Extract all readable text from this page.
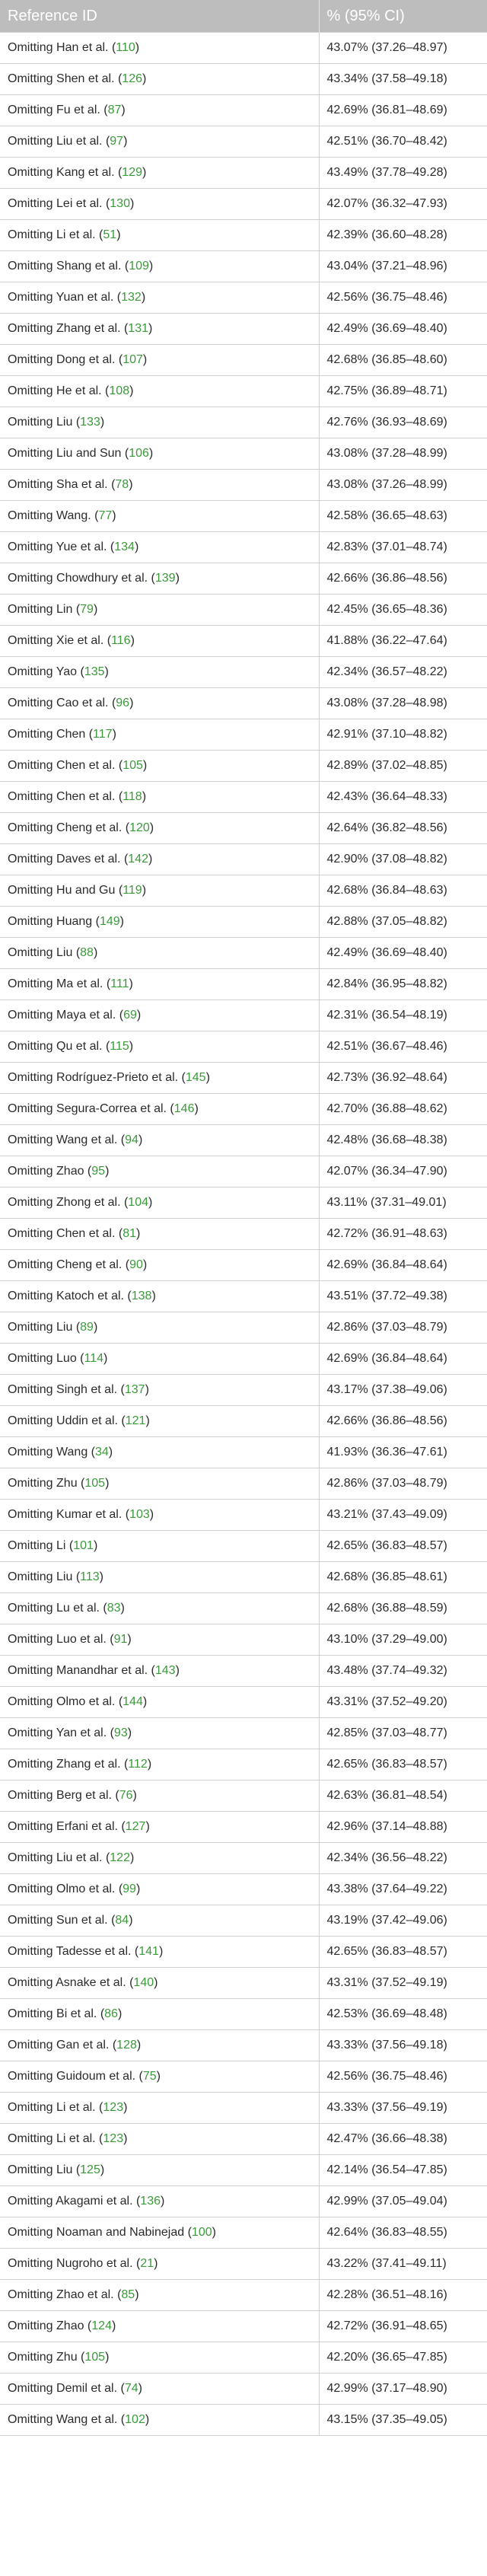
Reference ID	% (95% CI)
Omitting Han et al. (110)	43.07% (37.26–48.97)
Omitting Shen et al. (126)	43.34% (37.58–49.18)
Omitting Fu et al. (87)	42.69% (36.81–48.69)
Omitting Liu et al. (97)	42.51% (36.70–48.42)
Omitting Kang et al. (129)	43.49% (37.78–49.28)
Omitting Lei et al. (130)	42.07% (36.32–47.93)
Omitting Li et al. (51)	42.39% (36.60–48.28)
Omitting Shang et al. (109)	43.04% (37.21–48.96)
Omitting Yuan et al. (132)	42.56% (36.75–48.46)
Omitting Zhang et al. (131)	42.49% (36.69–48.40)
Omitting Dong et al. (107)	42.68% (36.85–48.60)
Omitting He et al. (108)	42.75% (36.89–48.71)
Omitting Liu (133)	42.76% (36.93–48.69)
Omitting Liu and Sun (106)	43.08% (37.28–48.99)
Omitting Sha et al. (78)	43.08% (37.26–48.99)
Omitting Wang. (77)	42.58% (36.65–48.63)
Omitting Yue et al. (134)	42.83% (37.01–48.74)
Omitting Chowdhury et al. (139)	42.66% (36.86–48.56)
Omitting Lin (79)	42.45% (36.65–48.36)
Omitting Xie et al. (116)	41.88% (36.22–47.64)
Omitting Yao (135)	42.34% (36.57–48.22)
Omitting Cao et al. (96)	43.08% (37.28–48.98)
Omitting Chen (117)	42.91% (37.10–48.82)
Omitting Chen et al. (105)	42.89% (37.02–48.85)
Omitting Chen et al. (118)	42.43% (36.64–48.33)
Omitting Cheng et al. (120)	42.64% (36.82–48.56)
Omitting Daves et al. (142)	42.90% (37.08–48.82)
Omitting Hu and Gu (119)	42.68% (36.84–48.63)
Omitting Huang (149)	42.88% (37.05–48.82)
Omitting Liu (88)	42.49% (36.69–48.40)
Omitting Ma et al. (111)	42.84% (36.95–48.82)
Omitting Maya et al. (69)	42.31% (36.54–48.19)
Omitting Qu et al. (115)	42.51% (36.67–48.46)
Omitting Rodríguez-Prieto et al. (145)	42.73% (36.92–48.64)
Omitting Segura-Correa et al. (146)	42.70% (36.88–48.62)
Omitting Wang et al. (94)	42.48% (36.68–48.38)
Omitting Zhao (95)	42.07% (36.34–47.90)
Omitting Zhong et al. (104)	43.11% (37.31–49.01)
Omitting Chen et al. (81)	42.72% (36.91–48.63)
Omitting Cheng et al. (90)	42.69% (36.84–48.64)
Omitting Katoch et al. (138)	43.51% (37.72–49.38)
Omitting Liu (89)	42.86% (37.03–48.79)
Omitting Luo (114)	42.69% (36.84–48.64)
Omitting Singh et al. (137)	43.17% (37.38–49.06)
Omitting Uddin et al. (121)	42.66% (36.86–48.56)
Omitting Wang (34)	41.93% (36.36–47.61)
Omitting Zhu (105)	42.86% (37.03–48.79)
Omitting Kumar et al. (103)	43.21% (37.43–49.09)
Omitting Li (101)	42.65% (36.83–48.57)
Omitting Liu (113)	42.68% (36.85–48.61)
Omitting Lu et al. (83)	42.68% (36.88–48.59)
Omitting Luo et al. (91)	43.10% (37.29–49.00)
Omitting Manandhar et al. (143)	43.48% (37.74–49.32)
Omitting Olmo et al. (144)	43.31% (37.52–49.20)
Omitting Yan et al. (93)	42.85% (37.03–48.77)
Omitting Zhang et al. (112)	42.65% (36.83–48.57)
Omitting Berg et al. (76)	42.63% (36.81–48.54)
Omitting Erfani et al. (127)	42.96% (37.14–48.88)
Omitting Liu et al. (122)	42.34% (36.56–48.22)
Omitting Olmo et al. (99)	43.38% (37.64–49.22)
Omitting Sun et al. (84)	43.19% (37.42–49.06)
Omitting Tadesse et al. (141)	42.65% (36.83–48.57)
Omitting Asnake et al. (140)	43.31% (37.52–49.19)
Omitting Bi et al. (86)	42.53% (36.69–48.48)
Omitting Gan et al. (128)	43.33% (37.56–49.18)
Omitting Guidoum et al. (75)	42.56% (36.75–48.46)
Omitting Li et al. (123)	43.33% (37.56–49.19)
Omitting Li et al. (123)	42.47% (36.66–48.38)
Omitting Liu (125)	42.14% (36.54–47.85)
Omitting Akagami et al. (136)	42.99% (37.05–49.04)
Omitting Noaman and Nabinejad (100)	42.64% (36.83–48.55)
Omitting Nugroho et al. (21)	43.22% (37.41–49.11)
Omitting Zhao et al. (85)	42.28% (36.51–48.16)
Omitting Zhao (124)	42.72% (36.91–48.65)
Omitting Zhu (105)	42.20% (36.65–47.85)
Omitting Demil et al. (74)	42.99% (37.17–48.90)
Omitting Wang et al. (102)	43.15% (37.35–49.05)
